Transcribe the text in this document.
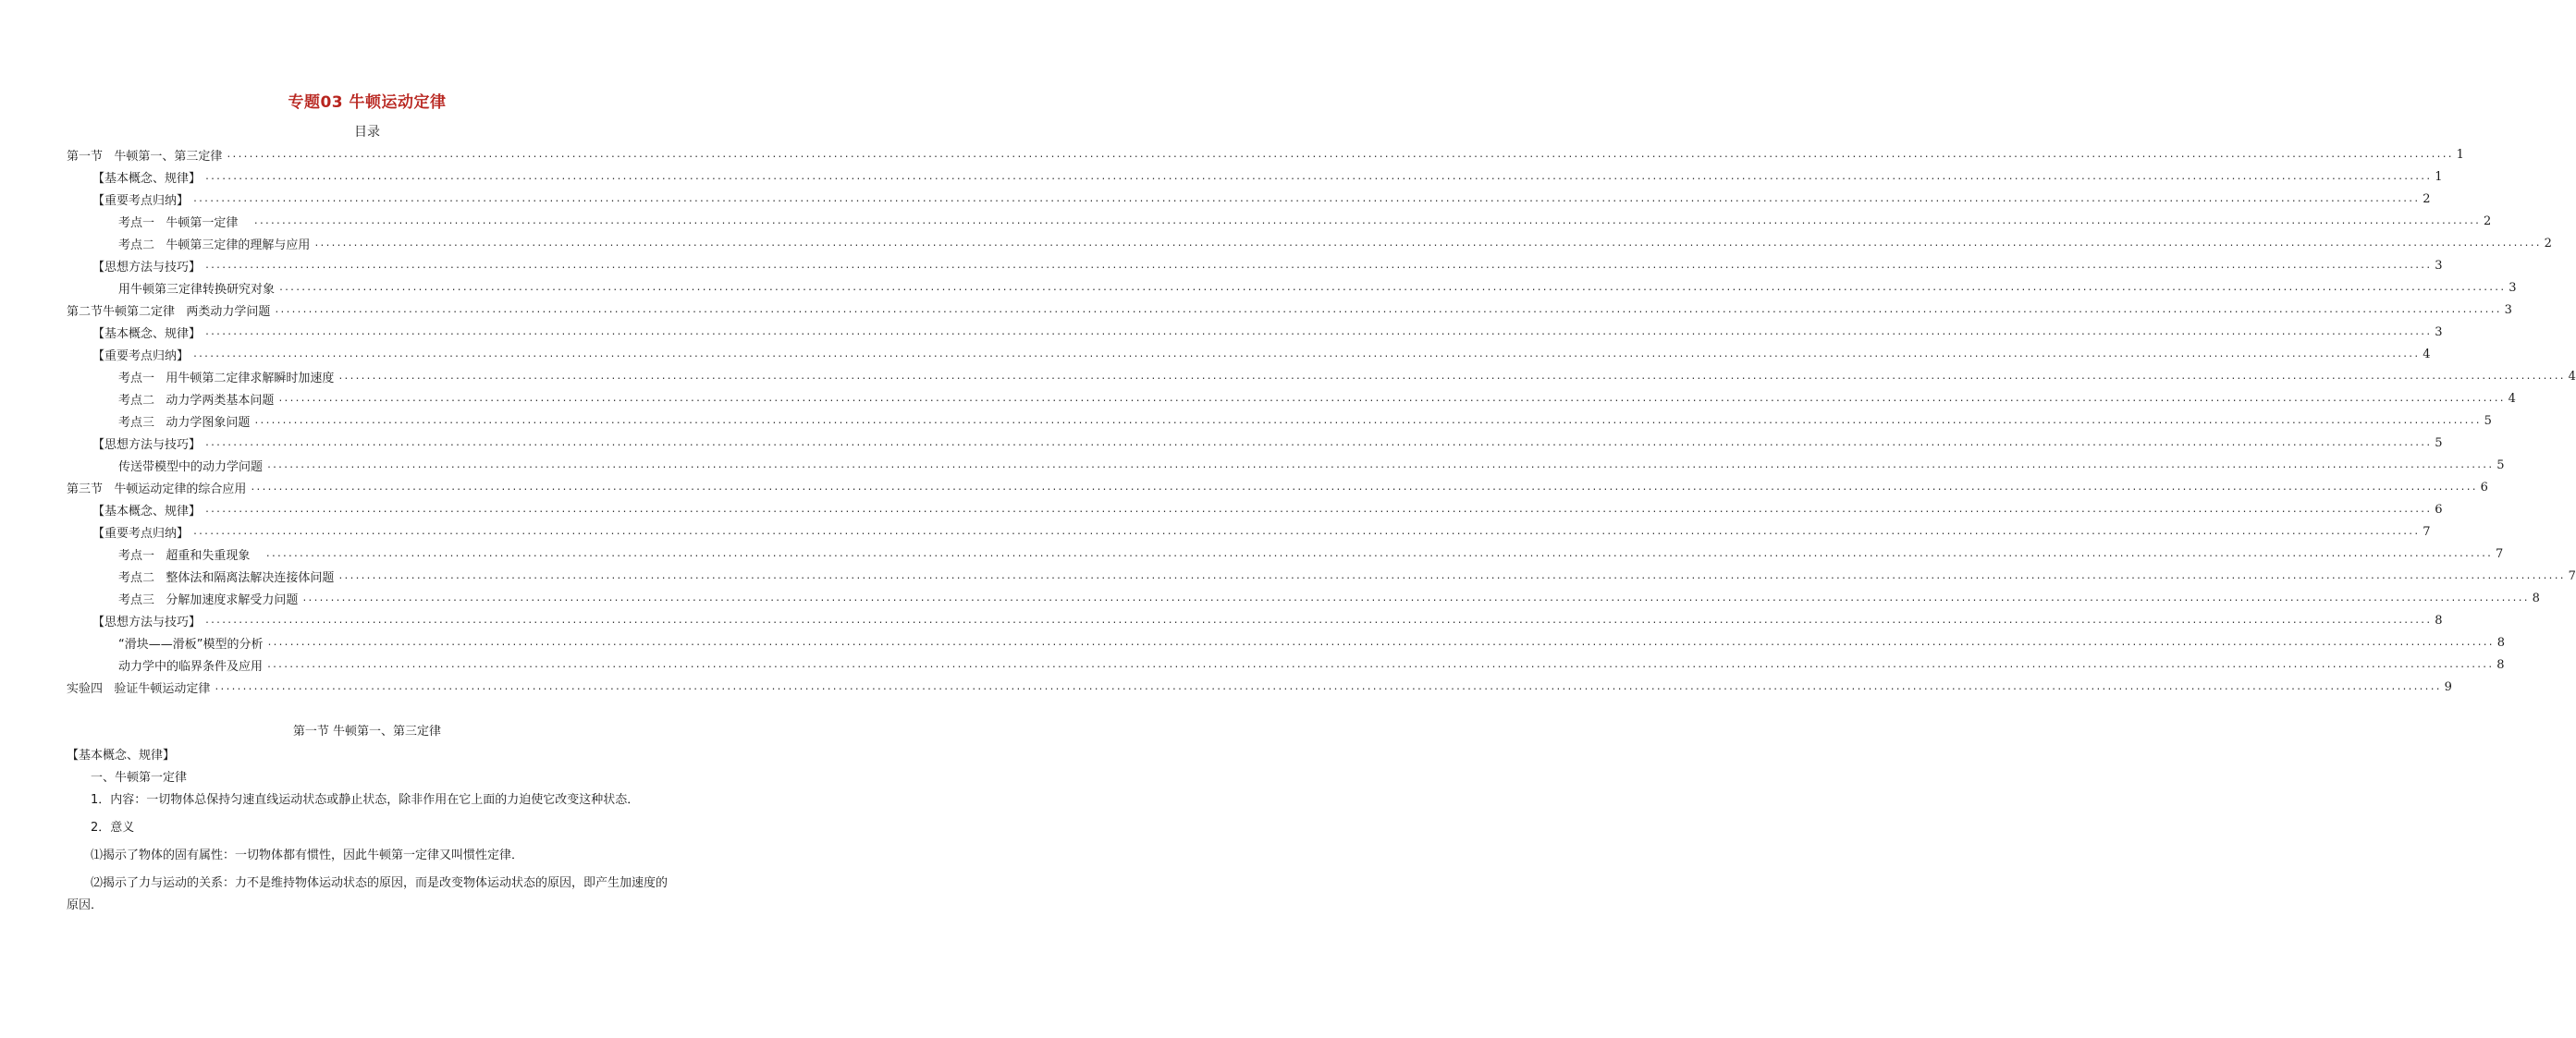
专题03 牛顿运动定律
目录
第一节   牛顿第一、第三定律 ................................................................................................................................................................................................................................................................................................................................................................................................................ 1
【基本概念、规律】 ................................................................................................................................................................................................................................................................................................................................................................................................................ 1
【重要考点归纳】 ................................................................................................................................................................................................................................................................................................................................................................................................................ 2
考点一   牛顿第一定律 ................................................................................................................................................................................................................................................................................................................................................................................................................ 2
考点二   牛顿第三定律的理解与应用 ................................................................................................................................................................................................................................................................................................................................................................................................................ 2
【思想方法与技巧】 ................................................................................................................................................................................................................................................................................................................................................................................................................ 3
用牛顿第三定律转换研究对象 ................................................................................................................................................................................................................................................................................................................................................................................................................ 3
第二节牛顿第二定律   两类动力学问题 ................................................................................................................................................................................................................................................................................................................................................................................................................ 3
【基本概念、规律】 ................................................................................................................................................................................................................................................................................................................................................................................................................ 3
【重要考点归纳】 ................................................................................................................................................................................................................................................................................................................................................................................................................ 4
考点一   用牛顿第二定律求解瞬时加速度 ................................................................................................................................................................................................................................................................................................................................................................................................................ 4
考点二   动力学两类基本问题 ................................................................................................................................................................................................................................................................................................................................................................................................................ 4
考点三   动力学图象问题 ................................................................................................................................................................................................................................................................................................................................................................................................................ 5
【思想方法与技巧】 ................................................................................................................................................................................................................................................................................................................................................................................................................ 5
传送带模型中的动力学问题 ................................................................................................................................................................................................................................................................................................................................................................................................................ 5
第三节   牛顿运动定律的综合应用 ................................................................................................................................................................................................................................................................................................................................................................................................................ 6
【基本概念、规律】 ................................................................................................................................................................................................................................................................................................................................................................................................................ 6
【重要考点归纳】 ................................................................................................................................................................................................................................................................................................................................................................................................................ 7
考点一   超重和失重现象 ................................................................................................................................................................................................................................................................................................................................................................................................................ 7
考点二   整体法和隔离法解决连接体问题 ................................................................................................................................................................................................................................................................................................................................................................................................................ 7
考点三   分解加速度求解受力问题 ................................................................................................................................................................................................................................................................................................................................................................................................................ 8
【思想方法与技巧】 ................................................................................................................................................................................................................................................................................................................................................................................................................ 8
“滑块——滑板”模型的分析 ................................................................................................................................................................................................................................................................................................................................................................................................................ 8
动力学中的临界条件及应用 ................................................................................................................................................................................................................................................................................................................................................................................................................ 8
实验四   验证牛顿运动定律 ................................................................................................................................................................................................................................................................................................................................................................................................................ 9
第一节 牛顿第一、第三定律

【基本概念、规律】

一、牛顿第一定律

1．内容：一切物体总保持匀速直线运动状态或静止状态，除非作用在它上面的力迫使它改变这种状态．

2．意义

⑴揭示了物体的固有属性：一切物体都有惯性，因此牛顿第一定律又叫惯性定律．

⑵揭示了力与运动的关系：力不是维持物体运动状态的原因，而是改变物体运动状态的原因，即产生加速度的原因．
